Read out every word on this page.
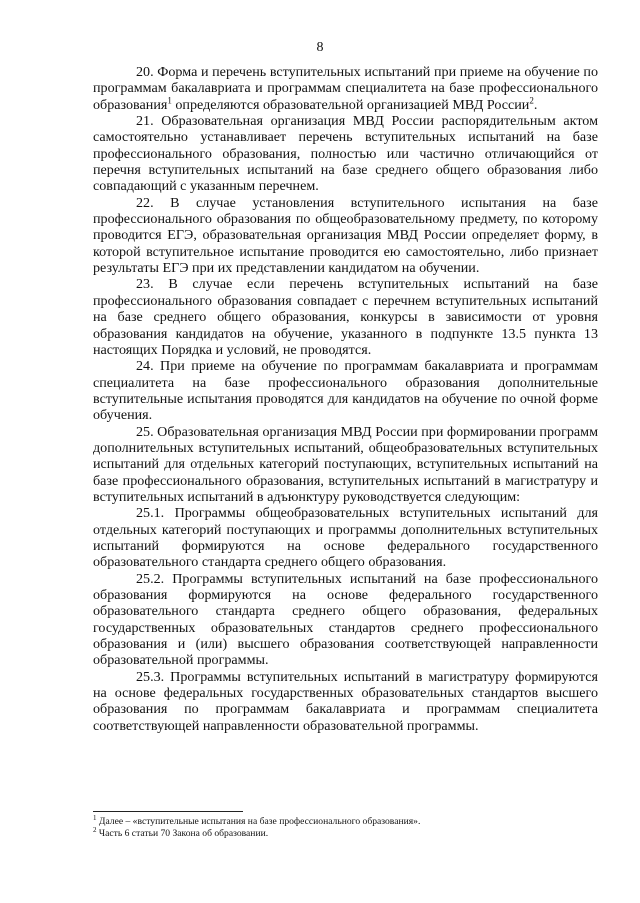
8

20. Форма и перечень вступительных испытаний при приеме на обучение по программам бакалавриата и программам специалитета на базе профессионального образования$^1$ определяются образовательной организацией МВД России$^2$.

21. Образовательная организация МВД России распорядительным актом самостоятельно устанавливает перечень вступительных испытаний на базе профессионального образования, полностью или частично отличающийся от перечня вступительных испытаний на базе среднего общего образования либо совпадающий с указанным перечнем.

22. В случае установления вступительного испытания на базе профессионального образования по общеобразовательному предмету, по которому проводится ЕГЭ, образовательная организация МВД России определяет форму, в которой вступительное испытание проводится ею самостоятельно, либо признает результаты ЕГЭ при их представлении кандидатом на обучении.

23. В случае если перечень вступительных испытаний на базе профессионального образования совпадает с перечнем вступительных испытаний на базе среднего общего образования, конкурсы в зависимости от уровня образования кандидатов на обучение, указанного в подпункте 13.5 пункта 13 настоящих Порядка и условий, не проводятся.

24. При приеме на обучение по программам бакалавриата и программам специалитета на базе профессионального образования дополнительные вступительные испытания проводятся для кандидатов на обучение по очной форме обучения.

25. Образовательная организация МВД России при формировании программ дополнительных вступительных испытаний, общеобразовательных вступительных испытаний для отдельных категорий поступающих, вступительных испытаний на базе профессионального образования, вступительных испытаний в магистратуру и вступительных испытаний в адъюнктуру руководствуется следующим:

25.1. Программы общеобразовательных вступительных испытаний для отдельных категорий поступающих и программы дополнительных вступительных испытаний формируются на основе федерального государственного образовательного стандарта среднего общего образования.

25.2. Программы вступительных испытаний на базе профессионального образования формируются на основе федерального государственного образовательного стандарта среднего общего образования, федеральных государственных образовательных стандартов среднего профессионального образования и (или) высшего образования соответствующей направленности образовательной программы.

25.3. Программы вступительных испытаний в магистратуру формируются на основе федеральных государственных образовательных стандартов высшего образования по программам бакалавриата и программам специалитета соответствующей направленности образовательной программы.

$^1$ Далее – «вступительные испытания на базе профессионального образования».

$^2$ Часть 6 статьи 70 Закона об образовании.
